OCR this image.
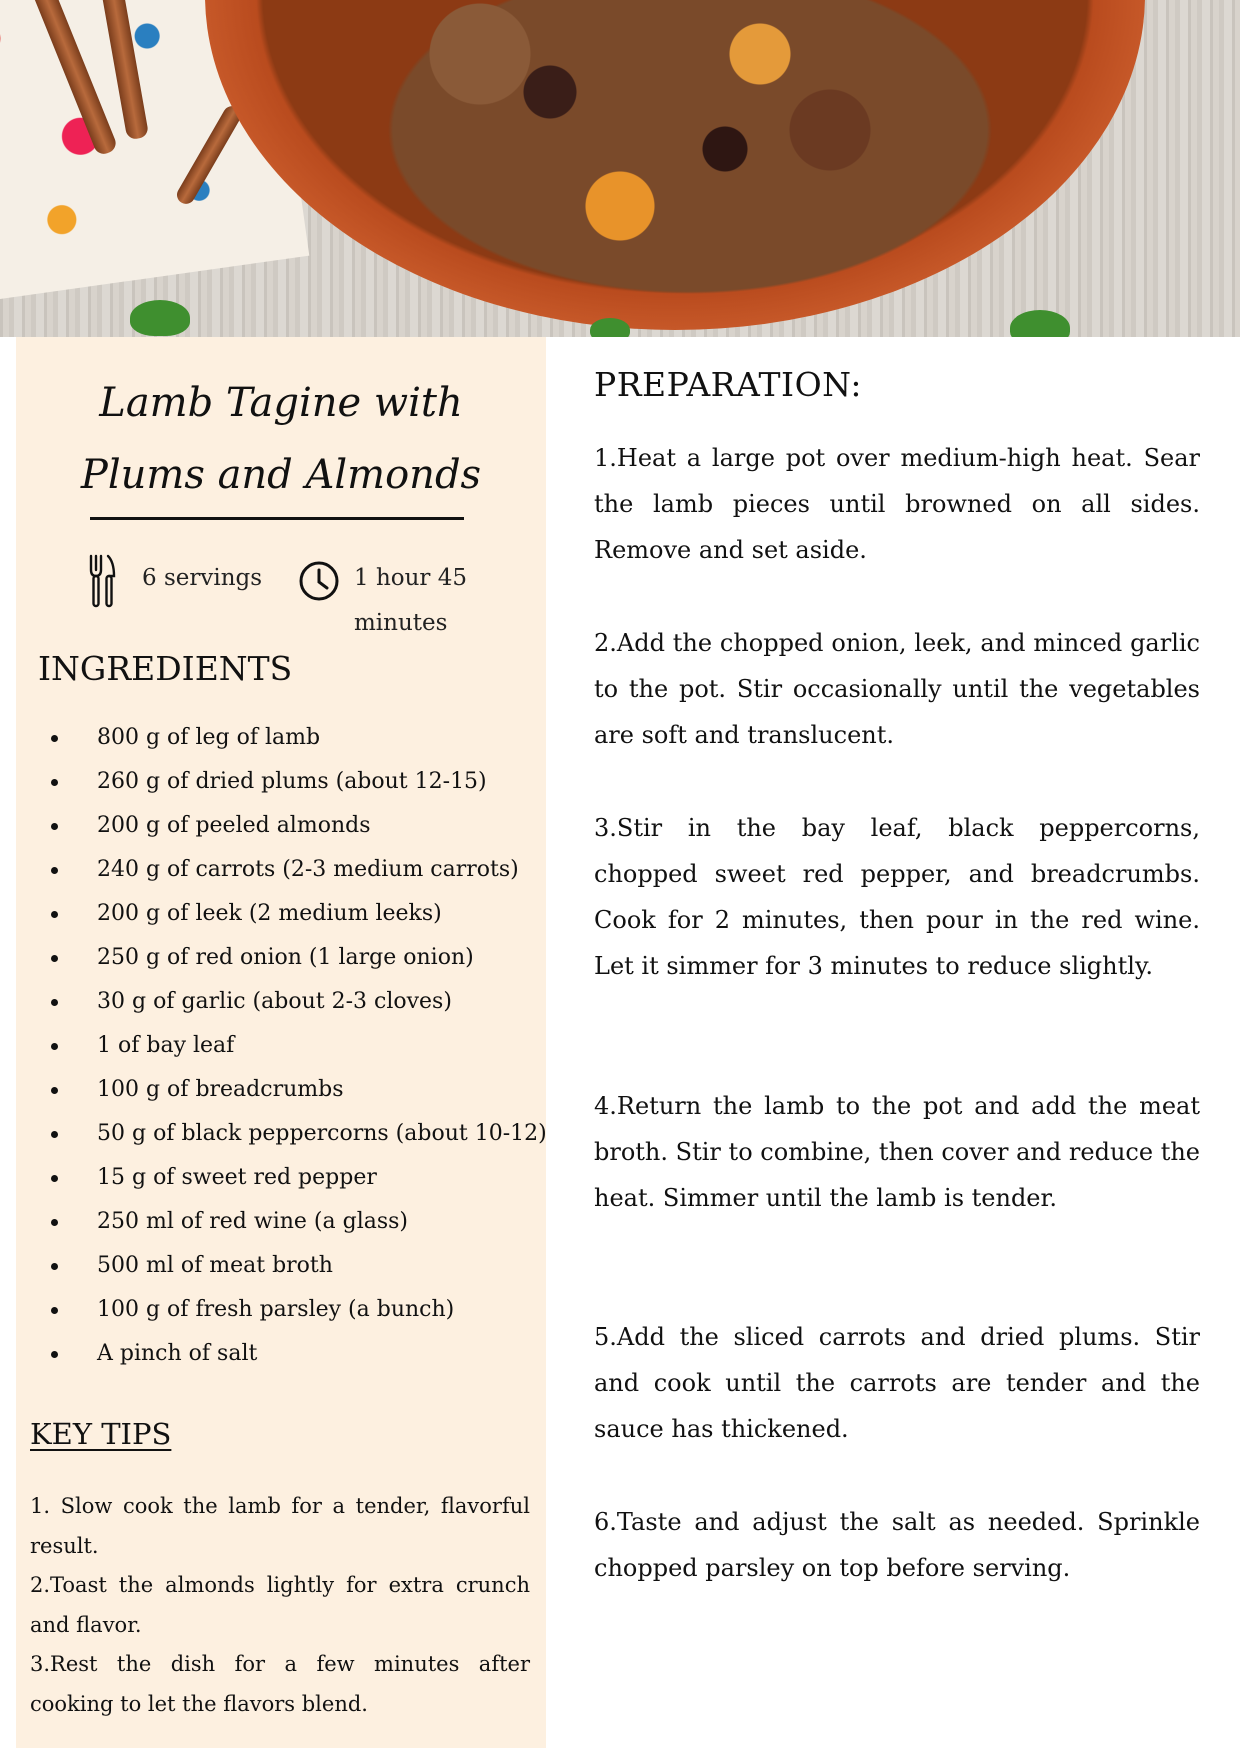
Lamb Tagine with
Plums and Almonds
6 servings	1 hour 45
minutes
INGREDIENTS
800 g of leg of lamb
260 g of dried plums (about 12-15)
200 g of peeled almonds
240 g of carrots (2-3 medium carrots)
200 g of leek (2 medium leeks)
250 g of red onion (1 large onion)
30 g of garlic (about 2-3 cloves)
1 of bay leaf
100 g of breadcrumbs
50 g of black peppercorns (about 10-12)
15 g of sweet red pepper
250 ml of red wine (a glass)
500 ml of meat broth
100 g of fresh parsley (a bunch)
A pinch of salt
KEY TIPS

1. Slow cook the lamb for a tender, flavorful result.

2.Toast the almonds lightly for extra crunch and flavor.

3.Rest the dish for a few minutes after cooking to let the flavors blend.

PREPARATION:

1.Heat a large pot over medium-high heat. Sear the lamb pieces until browned on all sides. Remove and set aside.

2.Add the chopped onion, leek, and minced garlic to the pot. Stir occasionally until the vegetables are soft and translucent.

3.Stir in the bay leaf, black peppercorns, chopped sweet red pepper, and breadcrumbs. Cook for 2 minutes, then pour in the red wine. Let it simmer for 3 minutes to reduce slightly.

4.Return the lamb to the pot and add the meat broth. Stir to combine, then cover and reduce the heat. Simmer until the lamb is tender.

5.Add the sliced carrots and dried plums. Stir and cook until the carrots are tender and the sauce has thickened.

6.Taste and adjust the salt as needed. Sprinkle chopped parsley on top before serving.
